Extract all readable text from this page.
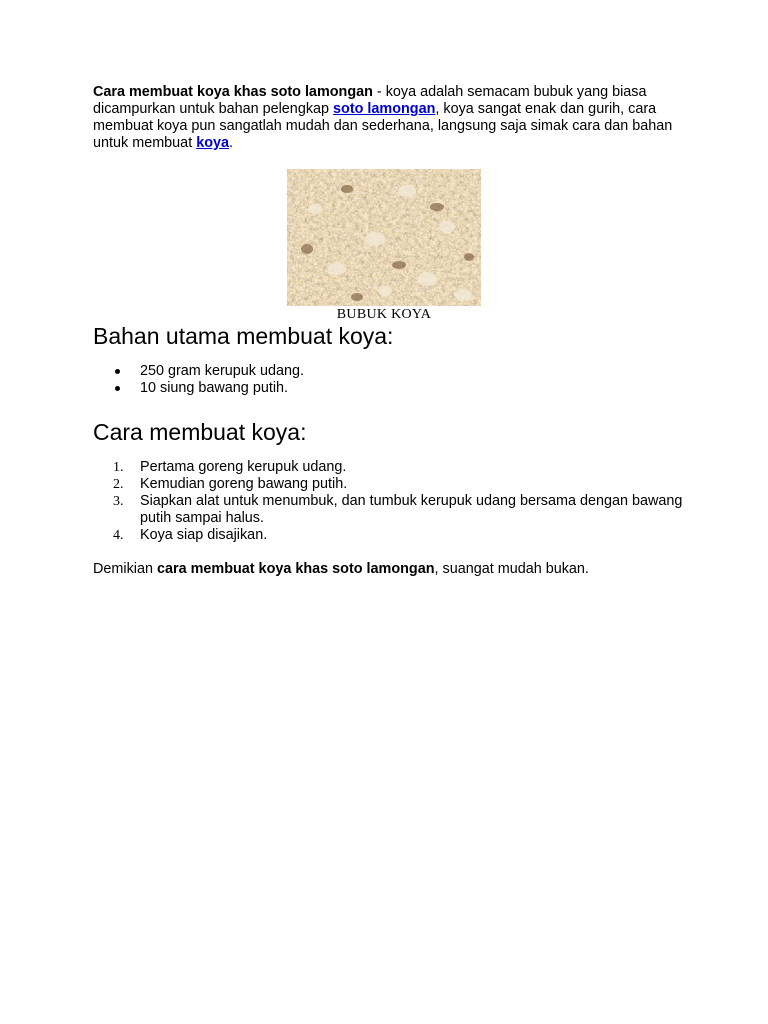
Cara membuat koya khas soto lamongan - koya adalah semacam bubuk yang biasa dicampurkan untuk bahan pelengkap soto lamongan, koya sangat enak dan gurih, cara membuat koya pun sangatlah mudah dan sederhana, langsung saja simak cara dan bahan untuk membuat koya.

BUBUK KOYA
Bahan utama membuat koya:
250 gram kerupuk udang.
10 siung bawang putih.
Cara membuat koya:
1. Pertama goreng kerupuk udang.
2. Kemudian goreng bawang putih.
3. Siapkan alat untuk menumbuk, dan tumbuk kerupuk udang bersama dengan bawang putih sampai halus.
4. Koya siap disajikan.

Demikian cara membuat koya khas soto lamongan, suangat mudah bukan.
